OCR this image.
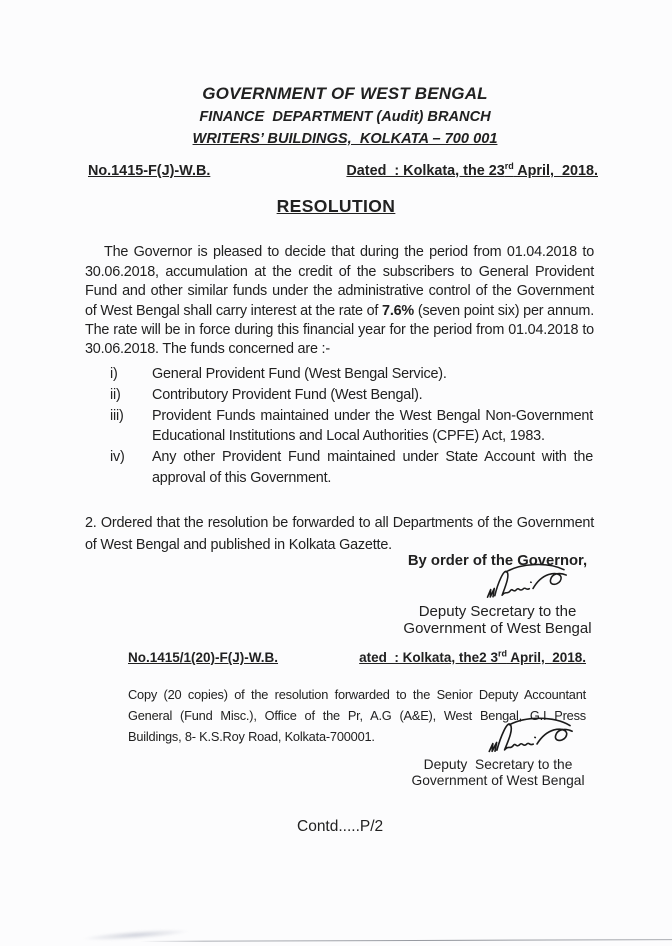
GOVERNMENT OF WEST BENGAL
FINANCE  DEPARTMENT (Audit) BRANCH
WRITERS’ BUILDINGS,  KOLKATA – 700 001
No.1415-F(J)-W.B.	Dated  : Kolkata, the 23rd April,  2018.
RESOLUTION

The Governor is pleased to decide that during the period from 01.04.2018 to 30.06.2018, accumulation at the credit of the subscribers to General Provident Fund and other similar funds under the administrative control of the Government of West Bengal shall carry interest at the rate of 7.6% (seven point six) per annum. The rate will be in force during this financial year for the period from 01.04.2018 to 30.06.2018. The funds concerned are :-

i)	General Provident Fund (West Bengal Service).
ii)	Contributory Provident Fund (West Bengal).
iii)	Provident Funds maintained under the West Bengal Non-Government Educational Institutions and Local Authorities (CPFE) Act, 1983.
iv)	Any other Provident Fund maintained under State Account with the approval of this Government.

2. Ordered that the resolution be forwarded to all Departments of the Government of West Bengal and published in Kolkata Gazette.

By order of the Governor,
Deputy Secretary to the
Government of West Bengal
No.1415/1(20)-F(J)-W.B.	ated  : Kolkata, the2 3rd April,  2018.

Copy (20 copies) of the resolution forwarded to the Senior Deputy Accountant General (Fund Misc.), Office of the Pr, A.G (A&E), West Bengal, G.I Press Buildings, 8- K.S.Roy Road, Kolkata-700001.

Deputy  Secretary to the
Government of West Bengal
Contd.....P/2
